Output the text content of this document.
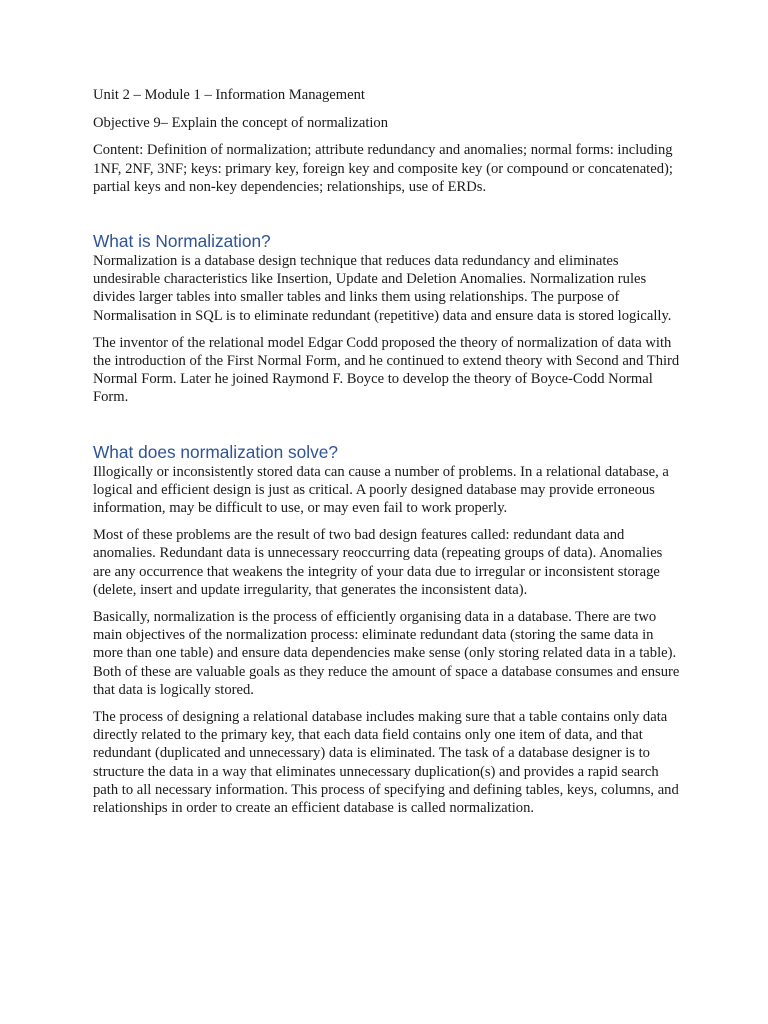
Unit 2 – Module 1 – Information Management

Objective 9– Explain the concept of normalization

Content: Definition of normalization; attribute redundancy and anomalies; normal forms: including 1NF, 2NF, 3NF; keys: primary key, foreign key and composite key (or compound or concatenated); partial keys and non-key dependencies; relationships, use of ERDs.

What is Normalization?

Normalization is a database design technique that reduces data redundancy and eliminates undesirable characteristics like Insertion, Update and Deletion Anomalies. Normalization rules divides larger tables into smaller tables and links them using relationships. The purpose of Normalisation in SQL is to eliminate redundant (repetitive) data and ensure data is stored logically.

The inventor of the relational model Edgar Codd proposed the theory of normalization of data with the introduction of the First Normal Form, and he continued to extend theory with Second and Third Normal Form. Later he joined Raymond F. Boyce to develop the theory of Boyce-Codd Normal Form.

What does normalization solve?

Illogically or inconsistently stored data can cause a number of problems. In a relational database, a logical and efficient design is just as critical. A poorly designed database may provide erroneous information, may be difficult to use, or may even fail to work properly.

Most of these problems are the result of two bad design features called: redundant data and anomalies. Redundant data is unnecessary reoccurring data (repeating groups of data). Anomalies are any occurrence that weakens the integrity of your data due to irregular or inconsistent storage (delete, insert and update irregularity, that generates the inconsistent data).

Basically, normalization is the process of efficiently organising data in a database. There are two main objectives of the normalization process: eliminate redundant data (storing the same data in more than one table) and ensure data dependencies make sense (only storing related data in a table). Both of these are valuable goals as they reduce the amount of space a database consumes and ensure that data is logically stored.

The process of designing a relational database includes making sure that a table contains only data directly related to the primary key, that each data field contains only one item of data, and that redundant (duplicated and unnecessary) data is eliminated. The task of a database designer is to structure the data in a way that eliminates unnecessary duplication(s) and provides a rapid search path to all necessary information. This process of specifying and defining tables, keys, columns, and relationships in order to create an efficient database is called normalization.
